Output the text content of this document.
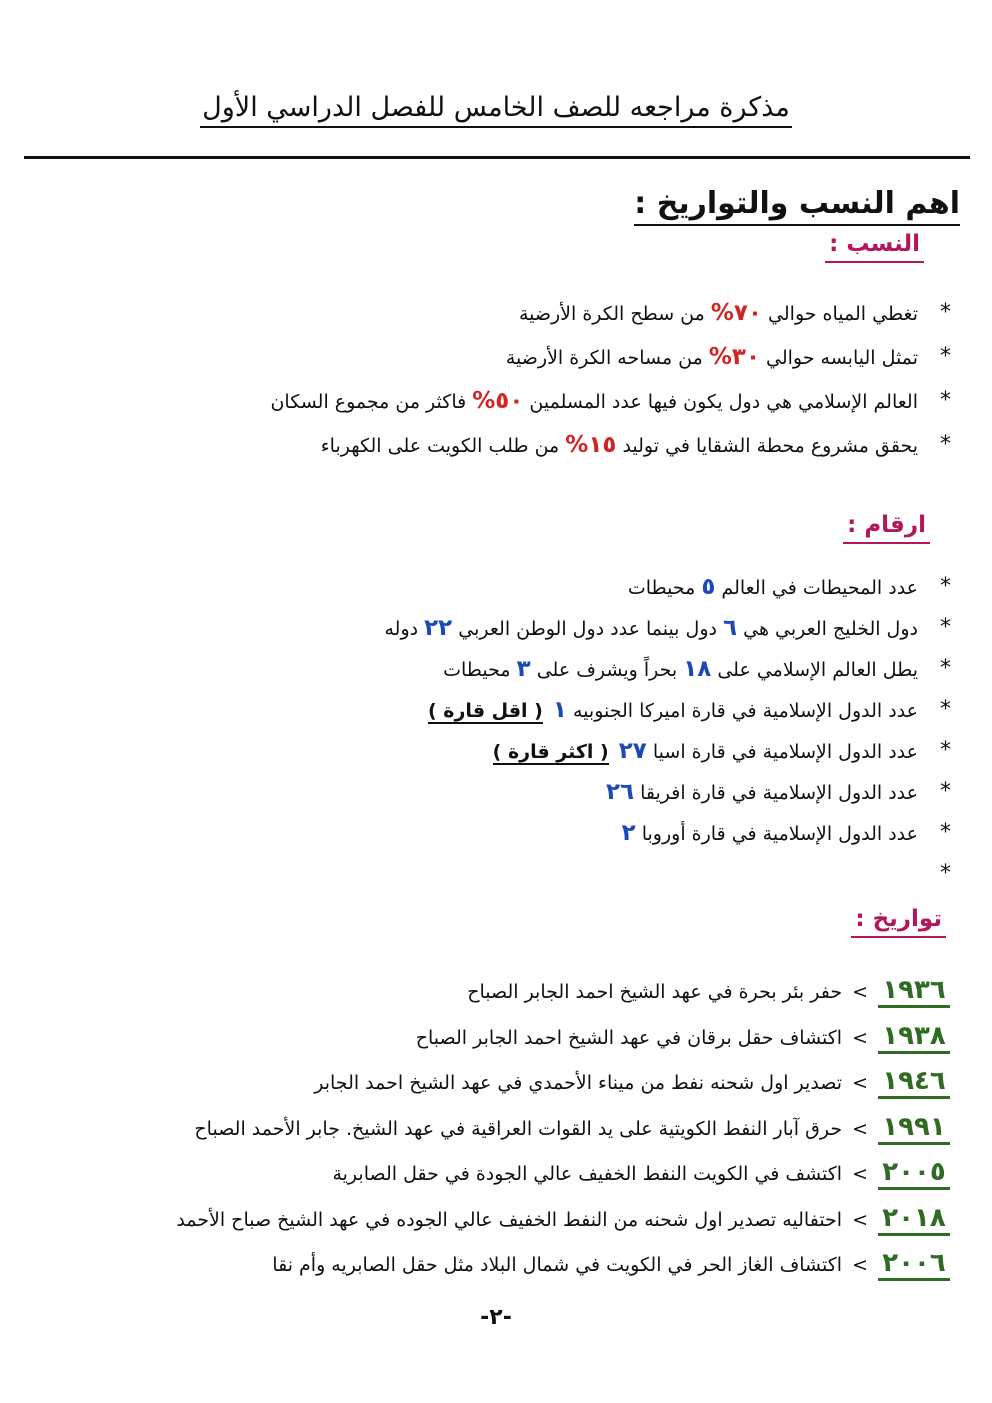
مذكرة مراجعه للصف الخامس للفصل الدراسي الأول
اهم النسب والتواريخ :
النسب :
*
تغطي المياه حوالي ٧٠% من سطح الكرة الأرضية
*
تمثل اليابسه حوالي ٣٠% من مساحه الكرة الأرضية
*
العالم الإسلامي هي دول يكون فيها عدد المسلمين ٥٠% فاكثر من مجموع السكان
*
يحقق مشروع محطة الشقايا في توليد ١٥% من طلب الكويت على الكهرباء
ارقام :
*
عدد المحيطات في العالم ٥ محيطات
*
دول الخليج العربي هي ٦ دول بينما عدد دول الوطن العربي ٢٢ دوله
*
يطل العالم الإسلامي على ١٨ بحراً ويشرف على ٣ محيطات
*
عدد الدول الإسلامية في قارة اميركا الجنوبيه ١ ( اقل قارة )
*
عدد الدول الإسلامية في قارة اسيا ٢٧ ( اكثر قارة )
*
عدد الدول الإسلامية في قارة افريقا ٢٦
*
عدد الدول الإسلامية في قارة أوروبا ٢
*
تواريخ :
١٩٣٦>حفر بئر بحرة في عهد الشيخ احمد الجابر الصباح
١٩٣٨>اكتشاف حقل برقان في عهد الشيخ احمد الجابر الصباح
١٩٤٦>تصدير اول شحنه نفط من ميناء الأحمدي في عهد الشيخ احمد الجابر
١٩٩١>حرق آبار النفط الكويتية على يد القوات العراقية في عهد الشيخ. جابر الأحمد الصباح
٢٠٠٥>اكتشف في الكويت النفط الخفيف عالي الجودة في حقل الصابرية
٢٠١٨>احتفاليه تصدير اول شحنه من النفط الخفيف عالي الجوده في عهد الشيخ صباح الأحمد
٢٠٠٦>اكتشاف الغاز الحر في الكويت في شمال البلاد مثل حقل الصابريه وأم نقا
-٢-
